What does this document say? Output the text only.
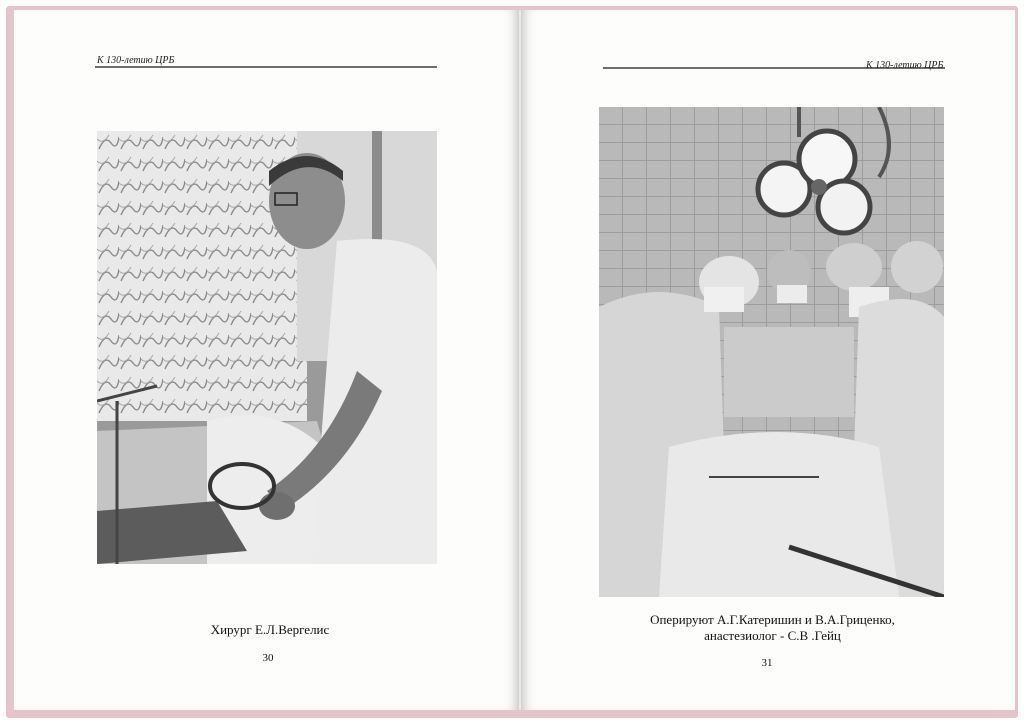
К 130-летию ЦРБ
Хирург Е.Л.Вергелис
30
К 130-летию ЦРБ
Оперируют А.Г.Катеришин и В.А.Гриценко,
анастезиолог - С.В .Гейц
31
